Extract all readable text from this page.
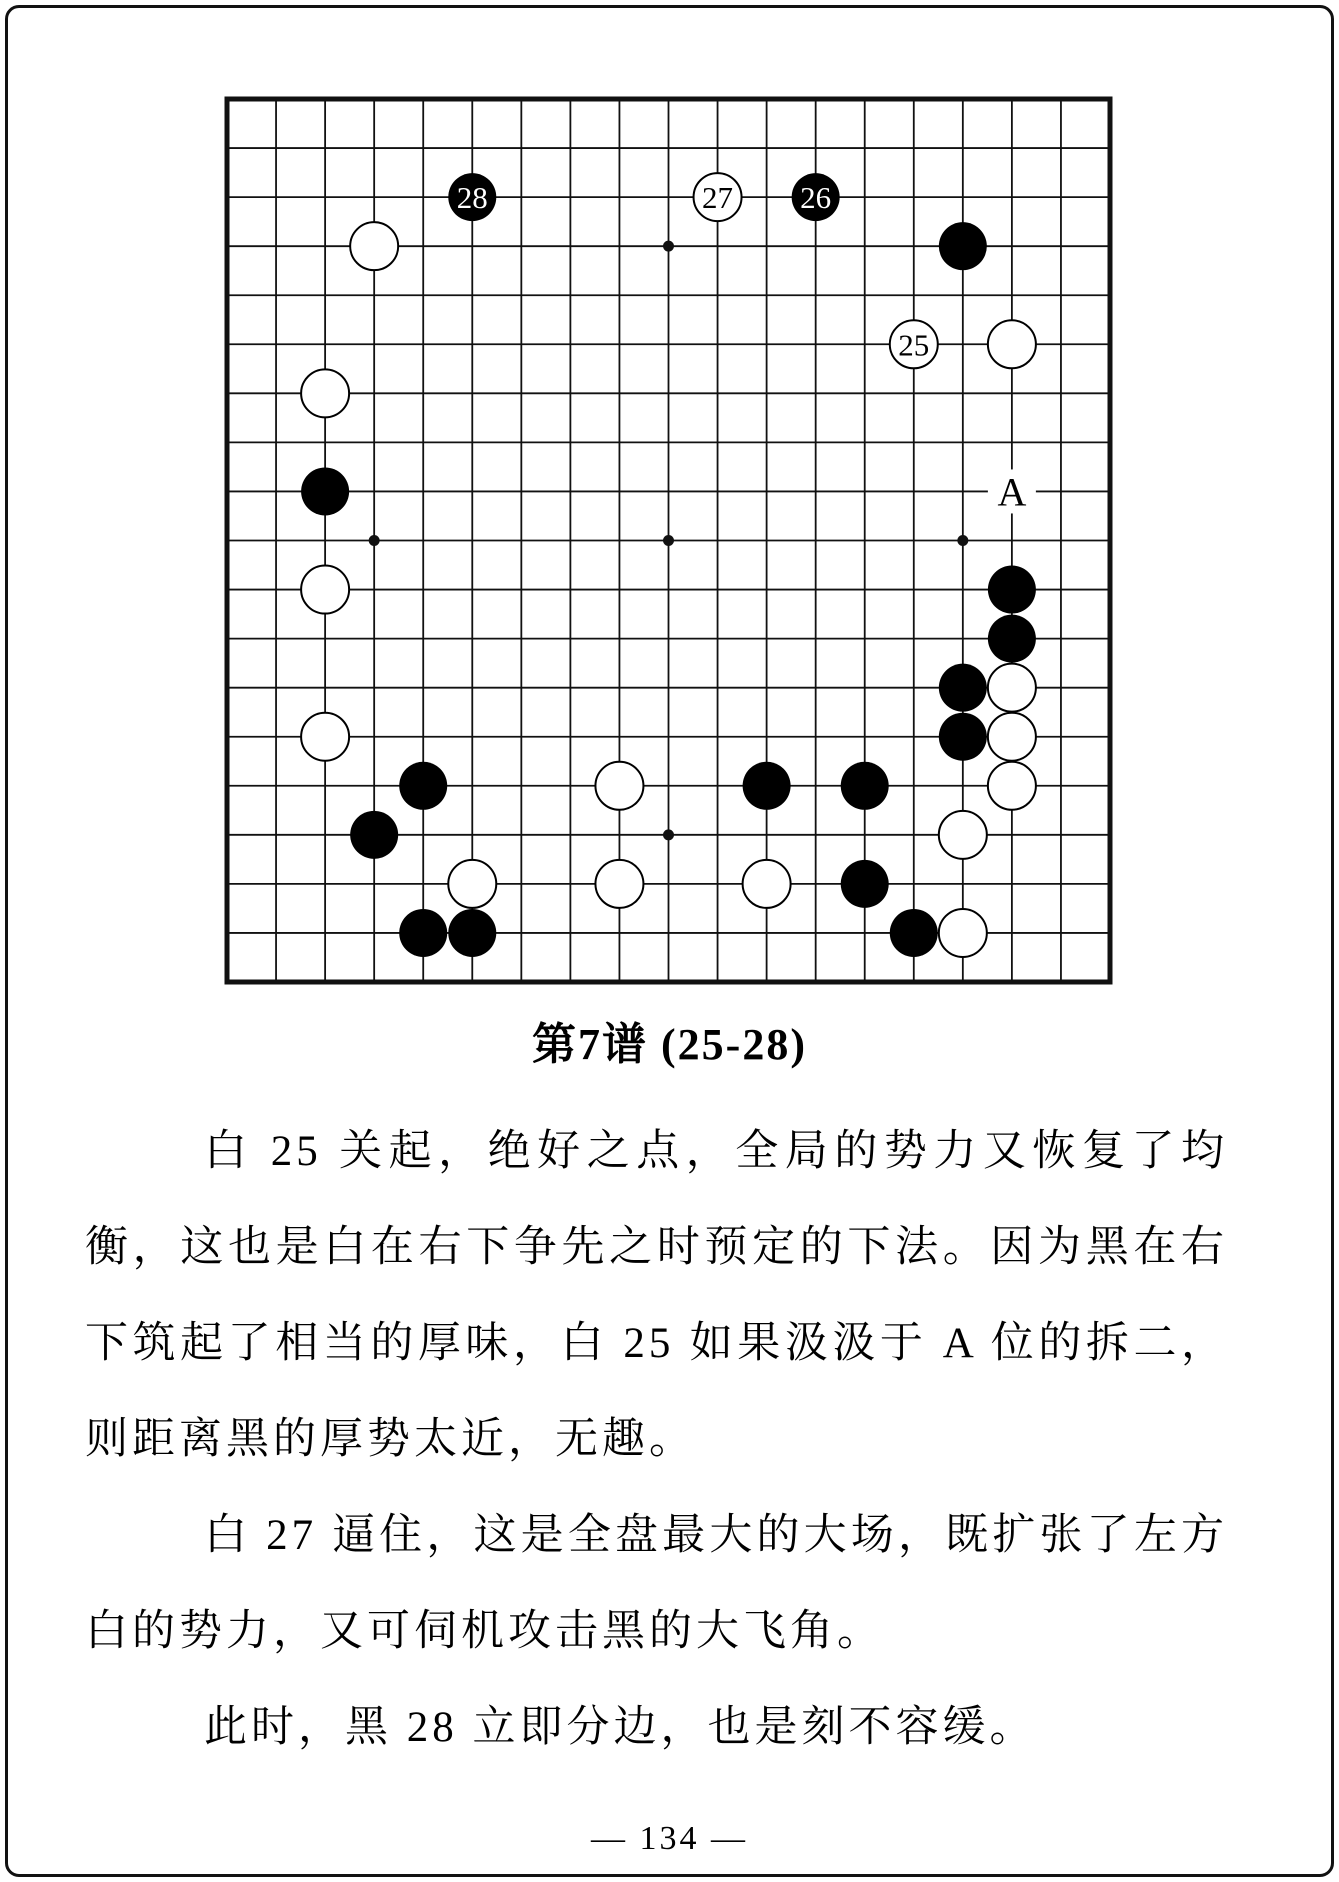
A
28	27 26
25
第7谱 (25-28)

白 25 关起，绝好之点，全局的势力又恢复了均衡，这也是白在右下争先之时预定的下法。因为黑在右下筑起了相当的厚味，白 25 如果汲汲于 A 位的拆二，则距离黑的厚势太近，无趣。

白 27 逼住，这是全盘最大的大场，既扩张了左方白的势力，又可伺机攻击黑的大飞角。

此时，黑 28 立即分边，也是刻不容缓。

— 134 —
